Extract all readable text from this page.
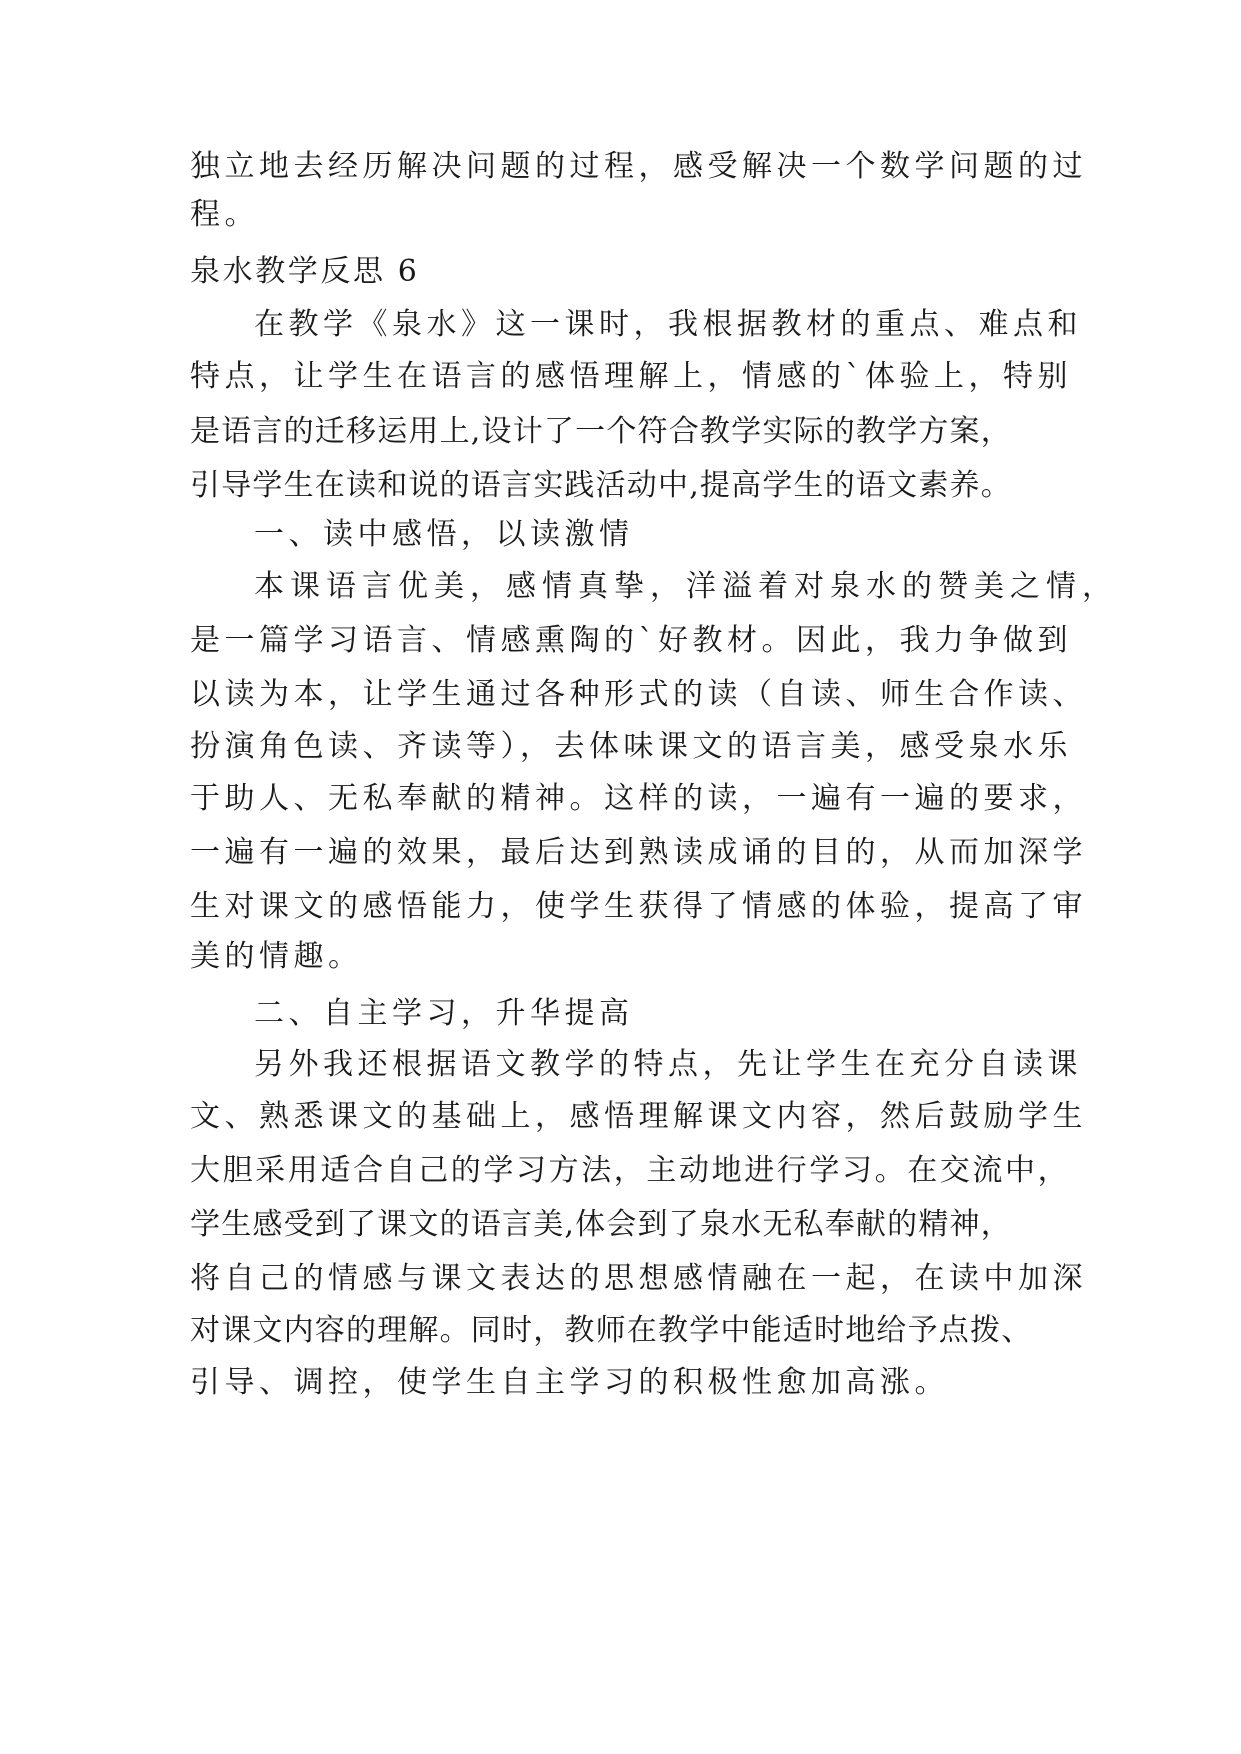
独立地去经历解决问题的过程，感受解决一个数学问题的过
程。
泉水教学反思 6
在教学《泉水》这一课时，我根据教材的重点、难点和
特点，让学生在语言的感悟理解上，情感的`体验上，特别
是语言的迁移运用上,设计了一个符合教学实际的教学方案，
引导学生在读和说的语言实践活动中,提高学生的语文素养。
一、读中感悟，以读激情
本课语言优美，感情真挚，洋溢着对泉水的赞美之情，
是一篇学习语言、情感熏陶的`好教材。因此，我力争做到
以读为本，让学生通过各种形式的读（自读、师生合作读、
扮演角色读、齐读等），去体味课文的语言美，感受泉水乐
于助人、无私奉献的精神。这样的读，一遍有一遍的要求，
一遍有一遍的效果，最后达到熟读成诵的目的，从而加深学
生对课文的感悟能力，使学生获得了情感的体验，提高了审
美的情趣。
二、自主学习，升华提高
另外我还根据语文教学的特点，先让学生在充分自读课
文、熟悉课文的基础上，感悟理解课文内容，然后鼓励学生
大胆采用适合自己的学习方法，主动地进行学习。在交流中，
学生感受到了课文的语言美,体会到了泉水无私奉献的精神，
将自己的情感与课文表达的思想感情融在一起，在读中加深
对课文内容的理解。同时，教师在教学中能适时地给予点拨、
引导、调控，使学生自主学习的积极性愈加高涨。
